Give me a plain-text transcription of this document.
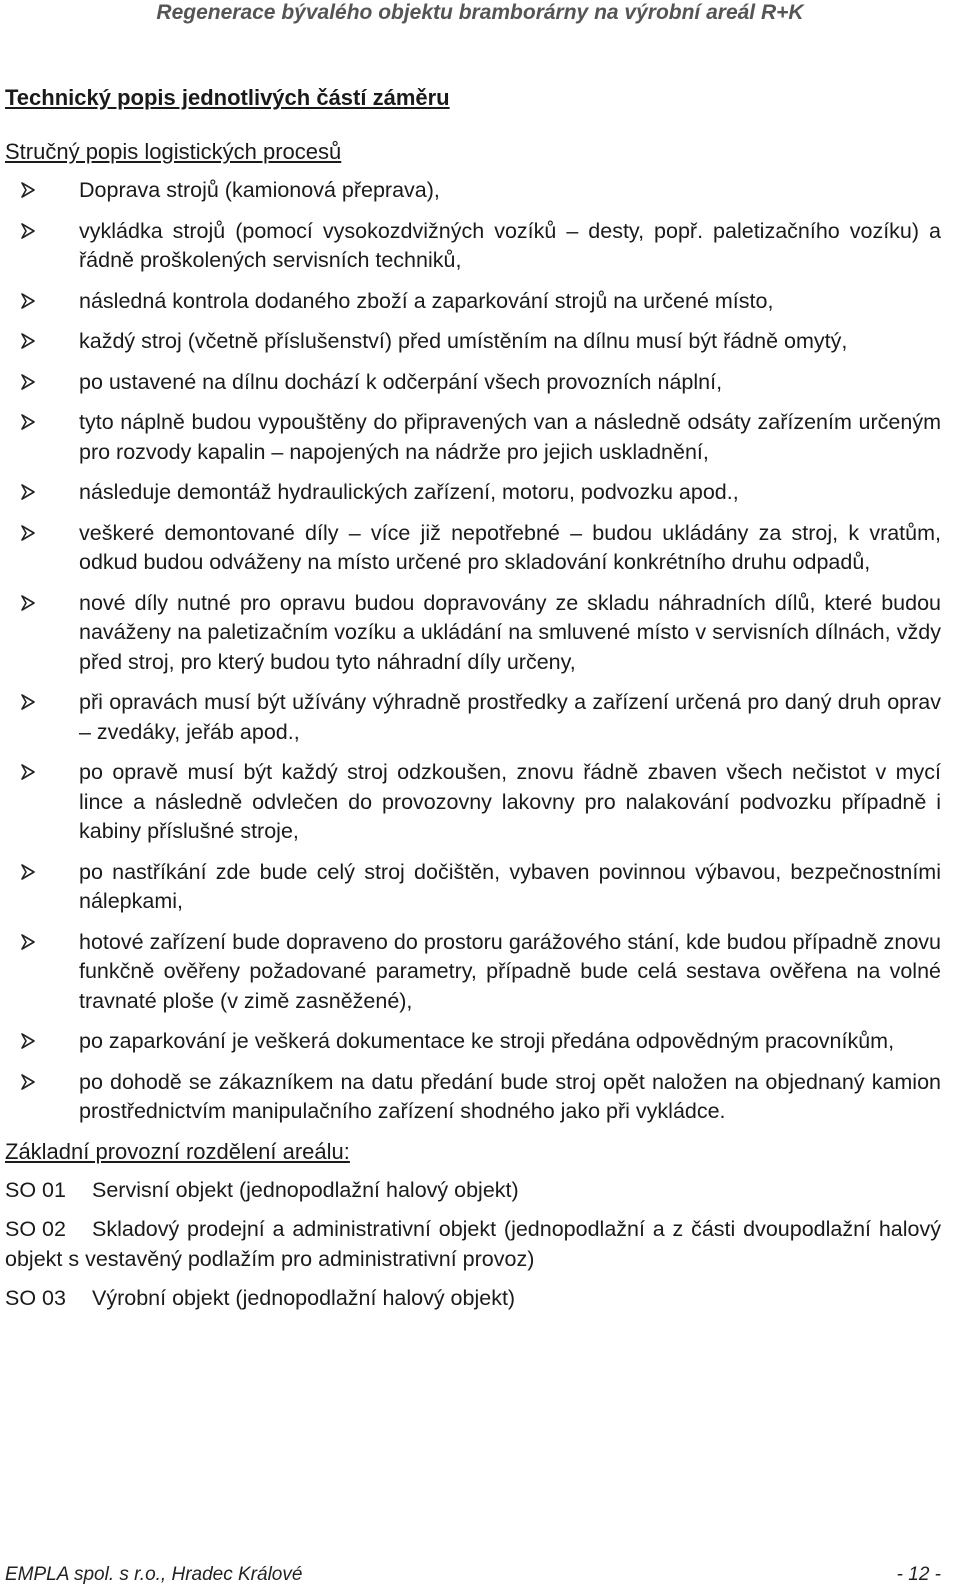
Regenerace bývalého objektu bramborárny na výrobní areál R+K
Technický popis jednotlivých částí záměru
Stručný popis logistických procesů
Doprava strojů (kamionová přeprava),
vykládka strojů (pomocí vysokozdvižných vozíků – desty, popř. paletizačního vozíku) a řádně proškolených servisních techniků,
následná kontrola dodaného zboží a zaparkování strojů na určené místo,
každý stroj (včetně příslušenství) před umístěním na dílnu musí být řádně omytý,
po ustavené na dílnu dochází k odčerpání všech provozních náplní,
tyto náplně budou vypouštěny do připravených van a následně odsáty zařízením určeným pro rozvody kapalin – napojených na nádrže pro jejich uskladnění,
následuje demontáž hydraulických zařízení, motoru, podvozku apod.,
veškeré demontované díly – více již nepotřebné – budou ukládány za stroj, k vratům, odkud budou odváženy na místo určené pro skladování konkrétního druhu odpadů,
nové díly nutné pro opravu budou dopravovány ze skladu náhradních dílů, které budou naváženy na paletizačním vozíku a ukládání na smluvené místo v servisních dílnách, vždy před stroj, pro který budou tyto náhradní díly určeny,
při opravách musí být užívány výhradně prostředky a zařízení určená pro daný druh oprav – zvedáky, jeřáb apod.,
po opravě musí být každý stroj odzkoušen, znovu řádně zbaven všech nečistot v mycí lince a následně odvlečen do provozovny lakovny pro nalakování podvozku případně i kabiny příslušné stroje,
po nastříkání zde bude celý stroj dočištěn, vybaven povinnou výbavou, bezpečnostními nálepkami,
hotové zařízení bude dopraveno do prostoru garážového stání, kde budou případně znovu funkčně ověřeny požadované parametry, případně bude celá sestava ověřena na volné travnaté ploše (v zimě zasněžené),
po zaparkování je veškerá dokumentace ke stroji předána odpovědným pracovníkům,
po dohodě se zákazníkem na datu předání bude stroj opět naložen na objednaný kamion prostřednictvím manipulačního zařízení shodného jako při vykládce.
Základní provozní rozdělení areálu:
SO 01 Servisní objekt (jednopodlažní halový objekt)
SO 02 Skladový prodejní a administrativní objekt (jednopodlažní a z části dvoupodlažní halový objekt s vestavěný podlažím pro administrativní provoz)
SO 03 Výrobní objekt (jednopodlažní halový objekt)
EMPLA spol. s r.o., Hradec Králové	- 12 -
